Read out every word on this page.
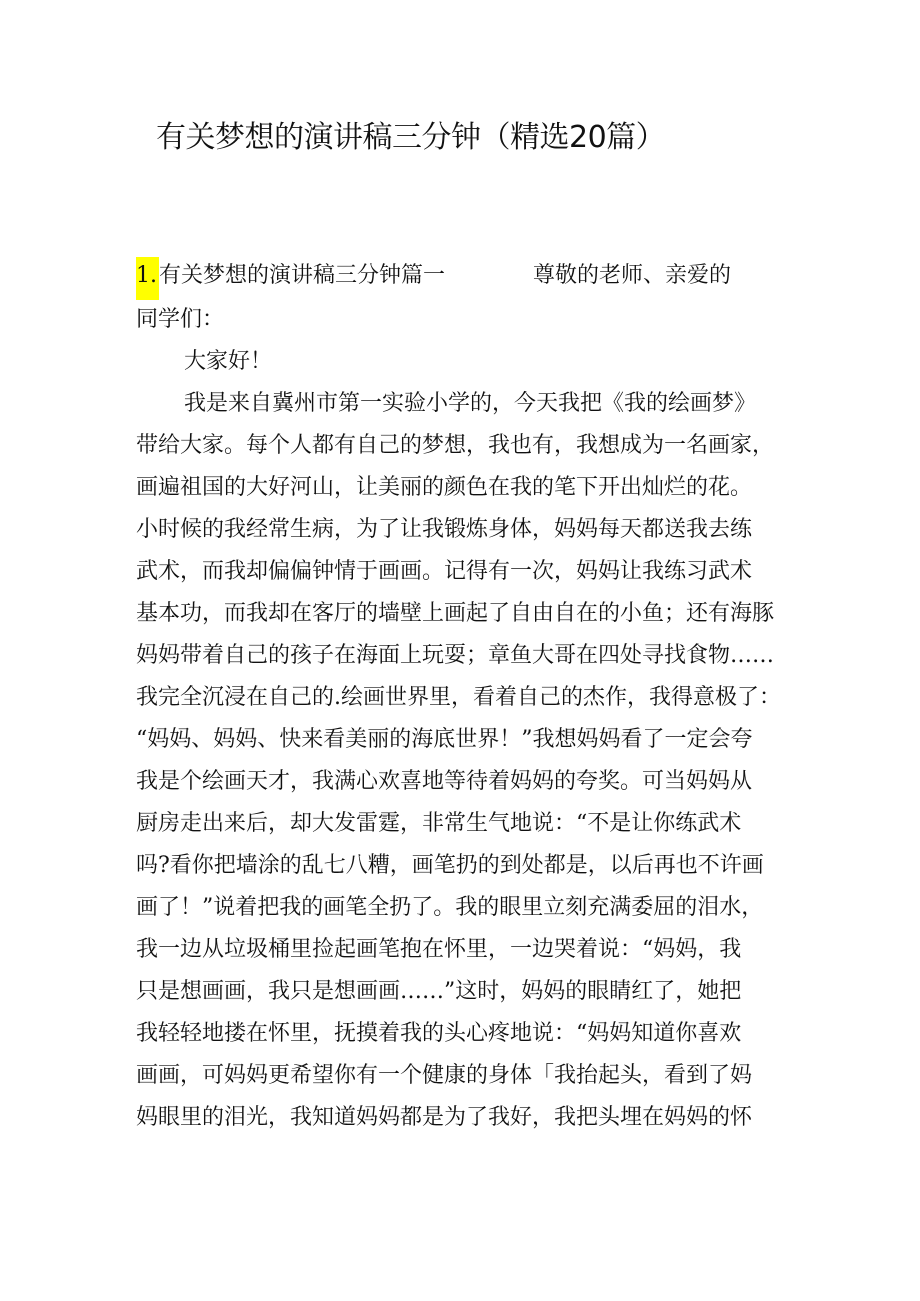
有关梦想的演讲稿三分钟（精选20篇）
1.有关梦想的演讲稿三分钟篇一	尊敬的老师、亲爱的
同学们：
大家好！
我是来自冀州市第一实验小学的，今天我把《我的绘画梦》
带给大家。每个人都有自己的梦想，我也有，我想成为一名画家，
画遍祖国的大好河山，让美丽的颜色在我的笔下开出灿烂的花。
小时候的我经常生病，为了让我锻炼身体，妈妈每天都送我去练
武术，而我却偏偏钟情于画画。记得有一次，妈妈让我练习武术
基本功，而我却在客厅的墙壁上画起了自由自在的小鱼；还有海豚
妈妈带着自己的孩子在海面上玩耍；章鱼大哥在四处寻找食物……
我完全沉浸在自己的.绘画世界里，看着自己的杰作，我得意极了：
“妈妈、妈妈、快来看美丽的海底世界！”我想妈妈看了一定会夸
我是个绘画天才，我满心欢喜地等待着妈妈的夸奖。可当妈妈从
厨房走出来后，却大发雷霆，非常生气地说：“不是让你练武术
吗?看你把墙涂的乱七八糟，画笔扔的到处都是，以后再也不许画
画了！”说着把我的画笔全扔了。我的眼里立刻充满委屈的泪水，
我一边从垃圾桶里捡起画笔抱在怀里，一边哭着说：“妈妈，我
只是想画画，我只是想画画……”这时，妈妈的眼睛红了，她把
我轻轻地搂在怀里，抚摸着我的头心疼地说：“妈妈知道你喜欢
画画，可妈妈更希望你有一个健康的身体「我抬起头，看到了妈
妈眼里的泪光，我知道妈妈都是为了我好，我把头埋在妈妈的怀
